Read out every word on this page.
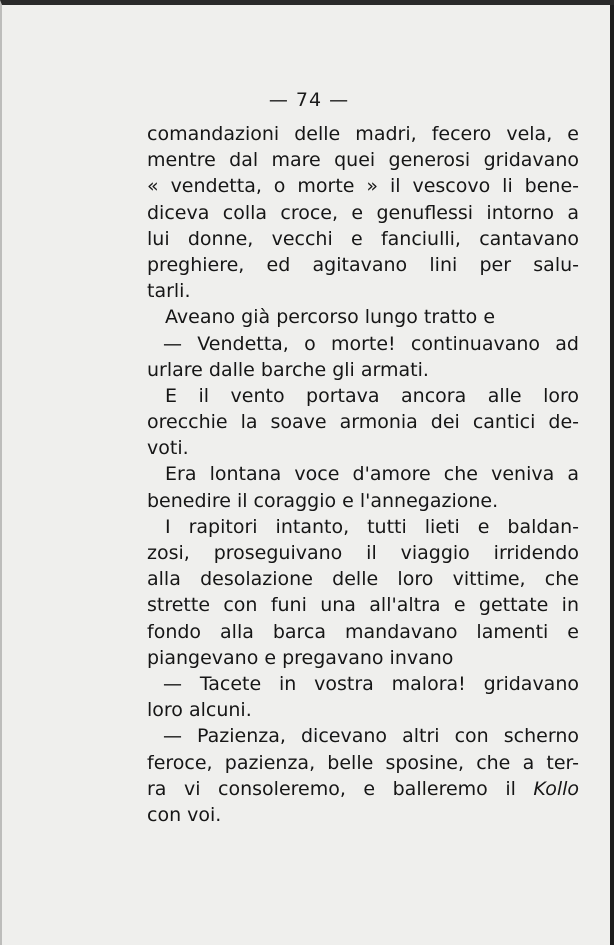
— 74 —
comandazioni delle madri, fecero vela, e
mentre dal mare quei generosi gridavano
« vendetta, o morte » il vescovo li bene-
diceva colla croce, e genuflessi intorno a
lui donne, vecchi e fanciulli, cantavano
preghiere, ed agitavano lini per salu-
tarli.
Aveano già percorso lungo tratto e
— Vendetta, o morte! continuavano ad
urlare dalle barche gli armati.
E il vento portava ancora alle loro
orecchie la soave armonia dei cantici de-
voti.
Era lontana voce d'amore che veniva a
benedire il coraggio e l'annegazione.
I rapitori intanto, tutti lieti e baldan-
zosi, proseguivano il viaggio irridendo
alla desolazione delle loro vittime, che
strette con funi una all'altra e gettate in
fondo alla barca mandavano lamenti e
piangevano e pregavano invano
— Tacete in vostra malora! gridavano
loro alcuni.
— Pazienza, dicevano altri con scherno
feroce, pazienza, belle sposine, che a ter-
ra vi consoleremo, e balleremo il Kollo
con voi.
